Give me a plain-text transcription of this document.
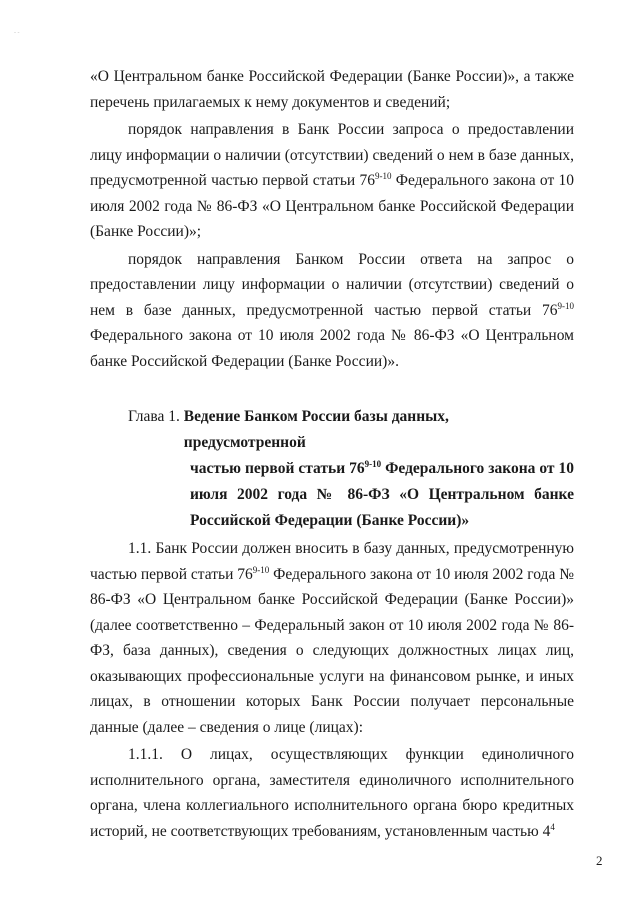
- -

«О Центральном банке Российской Федерации (Банке России)», а также перечень прилагаемых к нему документов и сведений;

порядок направления в Банк России запроса о предоставлении лицу информации о наличии (отсутствии) сведений о нем в базе данных, предусмотренной частью первой статьи 76$^{9-10}$ Федерального закона от 10 июля 2002 года № 86-ФЗ «О Центральном банке Российской Федерации (Банке России)»;

порядок направления Банком России ответа на запрос о предоставлении лицу информации о наличии (отсутствии) сведений о нем в базе данных, предусмотренной частью первой статьи 76$^{9-10}$ Федерального закона от 10 июля 2002 года № 86-ФЗ «О Центральном банке Российской Федерации (Банке России)».

Глава 1. Ведение Банком России базы данных, предусмотренной
частью первой статьи 76$^{9-10}$ Федерального закона от 10 июля 2002 года № 86-ФЗ «О Центральном банке Российской Федерации (Банке России)»

1.1. Банк России должен вносить в базу данных, предусмотренную частью первой статьи 76$^{9-10}$ Федерального закона от 10 июля 2002 года № 86-ФЗ «О Центральном банке Российской Федерации (Банке России)» (далее соответственно – Федеральный закон от 10 июля 2002 года № 86-ФЗ, база данных), сведения о следующих должностных лицах лиц, оказывающих профессиональные услуги на финансовом рынке, и иных лицах, в отношении которых Банк России получает персональные данные (далее – сведения о лице (лицах):

1.1.1. О лицах, осуществляющих функции единоличного исполнительного органа, заместителя единоличного исполнительного органа, члена коллегиального исполнительного органа бюро кредитных историй, не соответствующих требованиям, установленным частью $4^4$

2
